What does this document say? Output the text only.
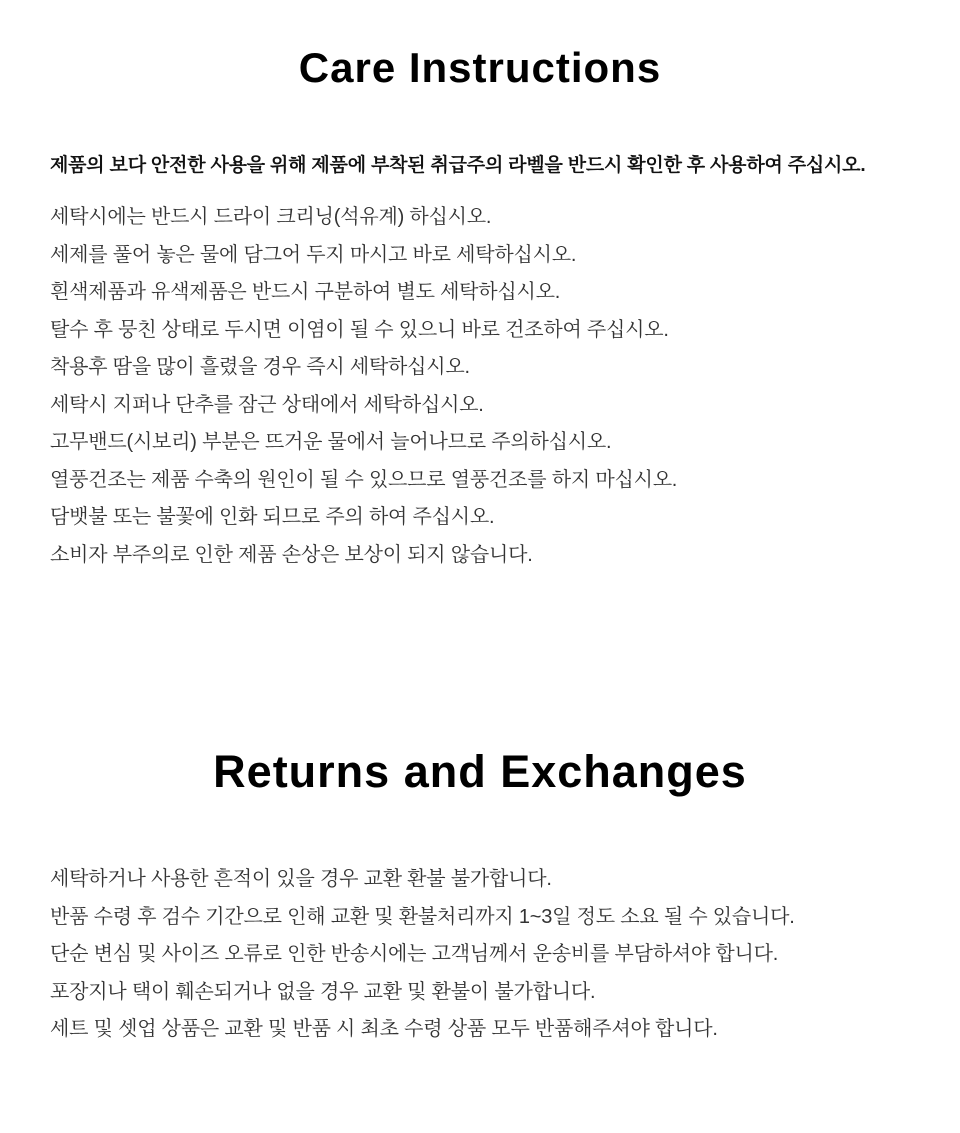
Care Instructions

제품의 보다 안전한 사용을 위해 제품에 부착된 취급주의 라벨을 반드시 확인한 후 사용하여 주십시오.

세탁시에는 반드시 드라이 크리닝(석유계) 하십시오.
세제를 풀어 놓은 물에 담그어 두지 마시고 바로 세탁하십시오.
흰색제품과 유색제품은 반드시 구분하여 별도 세탁하십시오.
탈수 후 뭉친 상태로 두시면 이염이 될 수 있으니 바로 건조하여 주십시오.
착용후 땀을 많이 흘렸을 경우 즉시 세탁하십시오.
세탁시 지퍼나 단추를 잠근 상태에서 세탁하십시오.
고무밴드(시보리) 부분은 뜨거운 물에서 늘어나므로 주의하십시오.
열풍건조는 제품 수축의 원인이 될 수 있으므로 열풍건조를 하지 마십시오.
담뱃불 또는 불꽃에 인화 되므로 주의 하여 주십시오.
소비자 부주의로 인한 제품 손상은 보상이 되지 않습니다.
Returns and Exchanges
세탁하거나 사용한 흔적이 있을 경우 교환 환불 불가합니다.
반품 수령 후 검수 기간으로 인해 교환 및 환불처리까지 1~3일 정도 소요 될 수 있습니다.
단순 변심 및 사이즈 오류로 인한 반송시에는 고객님께서 운송비를 부담하셔야 합니다.
포장지나 택이 훼손되거나 없을 경우 교환 및 환불이 불가합니다.
세트 및 셋업 상품은 교환 및 반품 시 최초 수령 상품 모두 반품해주셔야 합니다.
